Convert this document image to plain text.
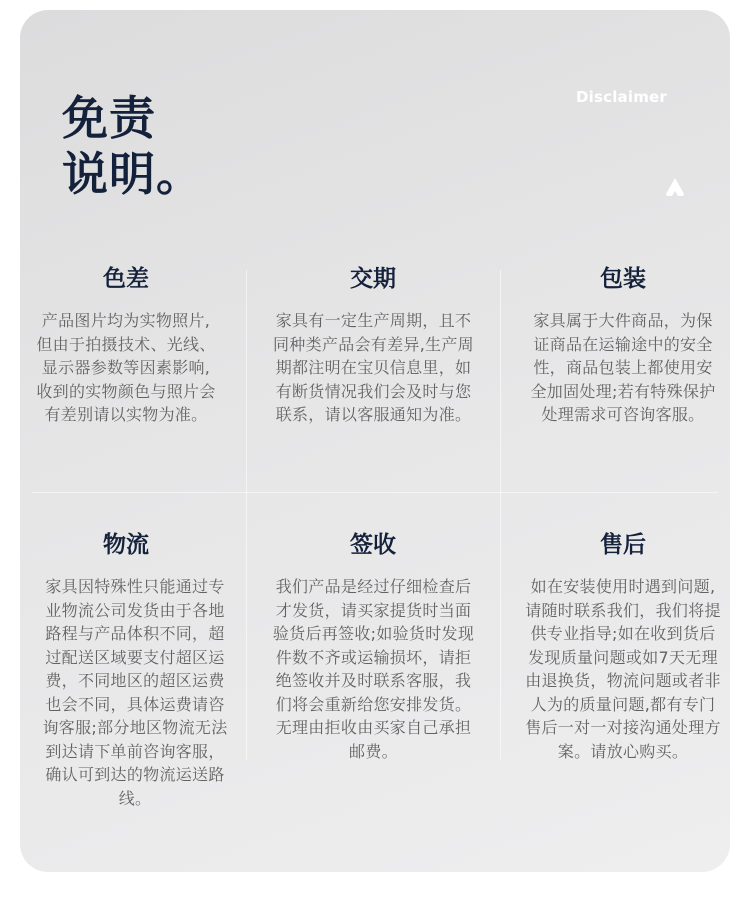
免责
说明。
Disclaimer
色差

产品图片均为实物照片,但由于拍摄技术、光线、显示器参数等因素影响,收到的实物颜色与照片会有差别请以实物为准。

交期

家具有一定生产周期，且不同种类产品会有差异,生产周期都注明在宝贝信息里，如有断货情况我们会及时与您联系，请以客服通知为准。

包装

家具属于大件商品，为保证商品在运输途中的安全性，商品包装上都使用安全加固处理;若有特殊保护处理需求可咨询客服。

物流

家具因特殊性只能通过专业物流公司发货由于各地路程与产品体积不同，超过配送区域要支付超区运费，不同地区的超区运费也会不同，具体运费请咨询客服;部分地区物流无法到达请下单前咨询客服，确认可到达的物流运送路线。

签收

我们产品是经过仔细检查后才发货，请买家提货时当面验货后再签收;如验货时发现件数不齐或运输损坏，请拒绝签收并及时联系客服，我们将会重新给您安排发货。无理由拒收由买家自己承担邮费。

售后

如在安装使用时遇到问题,请随时联系我们，我们将提供专业指导;如在收到货后发现质量问题或如7天无理由退换货，物流问题或者非人为的质量问题,都有专门售后一对一对接沟通处理方案。请放心购买。
